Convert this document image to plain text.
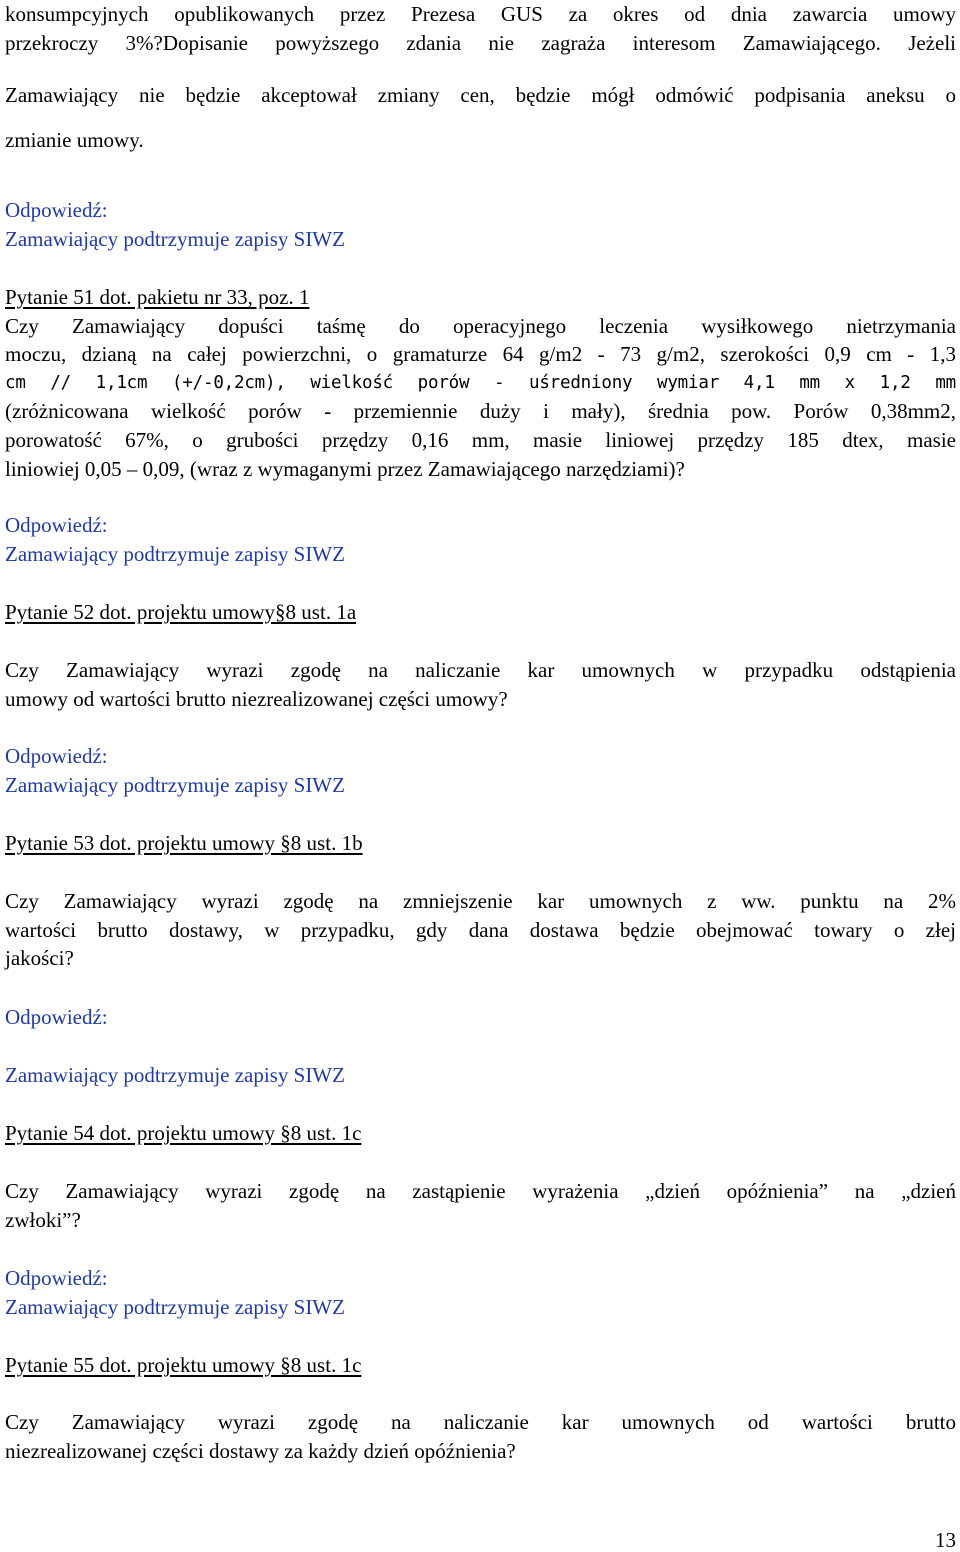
konsumpcyjnych opublikowanych przez Prezesa GUS za okres od dnia zawarcia umowy
przekroczy 3%?Dopisanie powyższego zdania nie zagraża interesom Zamawiającego. Jeżeli
Zamawiający nie będzie akceptował zmiany cen, będzie mógł odmówić podpisania aneksu o
zmianie umowy.
Odpowiedź:
Zamawiający podtrzymuje zapisy SIWZ
Pytanie 51 dot. pakietu nr 33, poz. 1
Czy Zamawiający dopuści taśmę do operacyjnego leczenia wysiłkowego nietrzymania
moczu, dzianą na całej powierzchni, o gramaturze 64 g/m2 - 73 g/m2, szerokości 0,9 cm - 1,3
cm // 1,1cm (+/-0,2cm), wielkość porów - uśredniony wymiar 4,1 mm x 1,2 mm
(zróżnicowana wielkość porów - przemiennie duży i mały), średnia pow. Porów 0,38mm2,
porowatość 67%, o grubości przędzy 0,16 mm, masie liniowej przędzy 185 dtex, masie
liniowiej 0,05 – 0,09, (wraz z wymaganymi przez Zamawiającego narzędziami)?
Odpowiedź:
Zamawiający podtrzymuje zapisy SIWZ
Pytanie 52 dot. projektu umowy§8 ust. 1a
Czy Zamawiający wyrazi zgodę na naliczanie kar umownych w przypadku odstąpienia
umowy od wartości brutto niezrealizowanej części umowy?
Odpowiedź:
Zamawiający podtrzymuje zapisy SIWZ
Pytanie 53 dot. projektu umowy §8 ust. 1b
Czy Zamawiający wyrazi zgodę na zmniejszenie kar umownych z ww. punktu na 2%
wartości brutto dostawy, w przypadku, gdy dana dostawa będzie obejmować towary o złej
jakości?
Odpowiedź:
Zamawiający podtrzymuje zapisy SIWZ
Pytanie 54 dot. projektu umowy §8 ust. 1c
Czy Zamawiający wyrazi zgodę na zastąpienie wyrażenia „dzień opóźnienia” na „dzień
zwłoki”?
Odpowiedź:
Zamawiający podtrzymuje zapisy SIWZ
Pytanie 55 dot. projektu umowy §8 ust. 1c
Czy Zamawiający wyrazi zgodę na naliczanie kar umownych od wartości brutto
niezrealizowanej części dostawy za każdy dzień opóźnienia?
13
